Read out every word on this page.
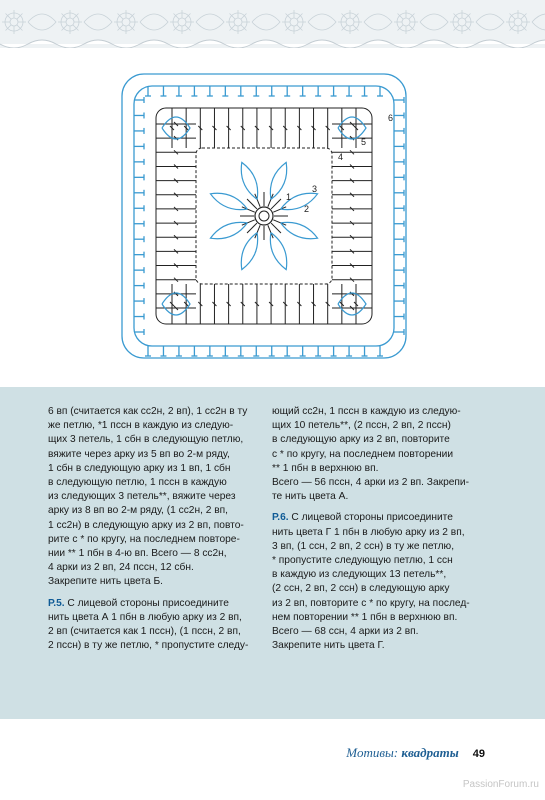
1
2
3
4
5
6

6 вп (считается как сс2н, 2 вп), 1 сс2н в ту
же петлю, *1 псcн в каждую из следую-
щих 3 петель, 1 сбн в следующую петлю,
вяжите через арку из 5 вп во 2-м ряду,
1 сбн в следующую арку из 1 вп, 1 сбн
в следующую петлю, 1 псcн в каждую
из следующих 3 петель**, вяжите через
арку из 8 вп во 2-м ряду, (1 сс2н, 2 вп,
1 сс2н) в следующую арку из 2 вп, повто-
рите с * по кругу, на последнем повторе-
нии ** 1 пбн в 4-ю вп. Всего — 8 сс2н,
4 арки из 2 вп, 24 псcн, 12 сбн.
Закрепите нить цвета Б.

Р.5. С лицевой стороны присоедините
нить цвета А 1 пбн в любую арку из 2 вп,
2 вп (считается как 1 псcн), (1 псcн, 2 вп,
2 псcн) в ту же петлю, * пропустите следу-

ющий сс2н, 1 псcн в каждую из следую-
щих 10 петель**, (2 псcн, 2 вп, 2 псcн)
в следующую арку из 2 вп, повторите
с * по кругу, на последнем повторении
** 1 пбн в верхнюю вп.
Всего — 56 псcн, 4 арки из 2 вп. Закрепи-
те нить цвета А.

Р.6. С лицевой стороны присоедините
нить цвета Г 1 пбн в любую арку из 2 вп,
3 вп, (1 ссн, 2 вп, 2 ссн) в ту же петлю,
* пропустите следующую петлю, 1 ссн
в каждую из следующих 13 петель**,
(2 ссн, 2 вп, 2 ссн) в следующую арку
из 2 вп, повторите с * по кругу, на послед-
нем повторении ** 1 пбн в верхнюю вп.
Всего — 68 ссн, 4 арки из 2 вп.
Закрепите нить цвета Г.

Мотивы: квадраты 49
PassionForum.ru
